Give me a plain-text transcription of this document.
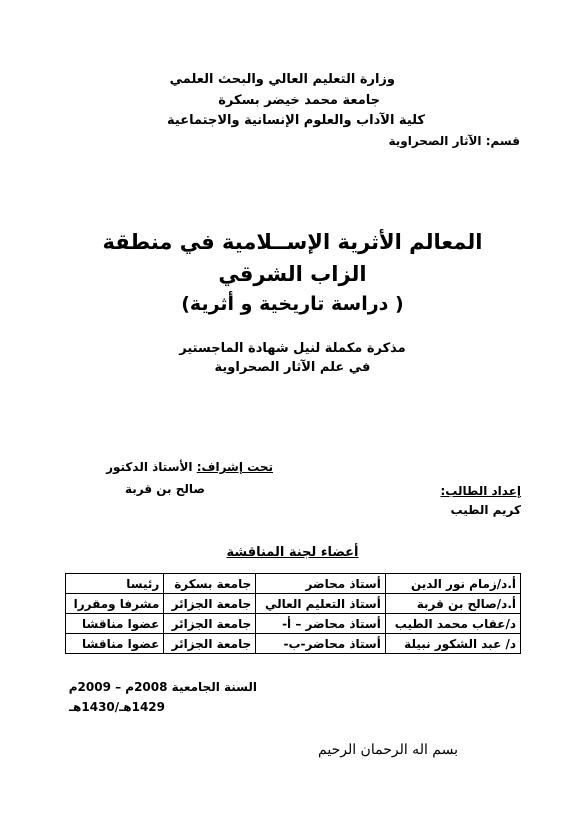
وزارة التعليم العالي والبحث العلمي
جامعة محمد خيضر بسكرة
كلية الآداب والعلوم الإنسانية والاجتماعية
قسم: الآثار الصحراوية
المعالم الأثرية الإســلامية في منطقة
الزاب الشرقي
( دراسة تاريخية و أثرية)
مذكرة مكملة لنيل شهادة الماجستير
في علم الآثار الصحراوية
تحت إشراف: الأستاذ الدكتور
صالح بن قربة	إعداد الطالب:
كريم الطيب
أعضاء لجنة المناقشة
أ.د/زمام نور الدين	أستاذ محاضر	جامعة بسكرة	رئيسا
أ.د/صالح بن قربة	أستاذ التعليم العالي	جامعة الجزائر	مشرفا ومقررا
د/عقاب محمد الطيب	أستاذ محاضر – أ-	جامعة الجزائر	عضوا مناقشا
د/ عبد الشكور نبيلة	أستاذ محاضر-ب-	جامعة الجزائر	عضوا مناقشا
السنة الجامعية 2008م – 2009م
1429هـ/1430هـ
بسم اله الرحمان الرحيم
